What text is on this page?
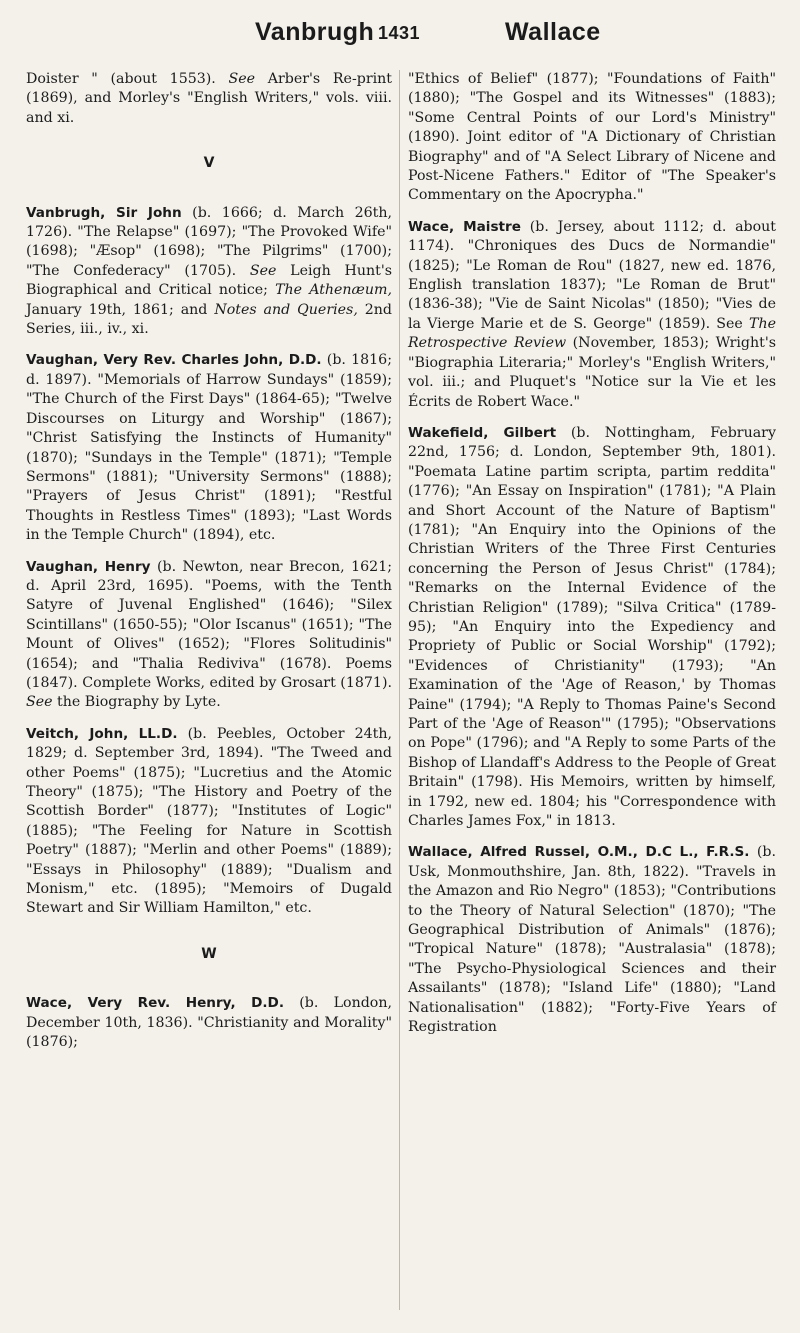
Vanbrugh 1431	Wallace

Doister " (about 1553). See Arber's Re-print (1869), and Morley's "English Writers," vols. viii. and xi.

V

Vanbrugh, Sir John (b. 1666; d. March 26th, 1726). "The Relapse" (1697); "The Provoked Wife" (1698); "Æsop" (1698); "The Pilgrims" (1700); "The Confederacy" (1705). See Leigh Hunt's Biographical and Critical notice; The Athenæum, January 19th, 1861; and Notes and Queries, 2nd Series, iii., iv., xi.

Vaughan, Very Rev. Charles John, D.D. (b. 1816; d. 1897). "Memorials of Harrow Sundays" (1859); "The Church of the First Days" (1864-65); "Twelve Discourses on Liturgy and Worship" (1867); "Christ Satisfying the Instincts of Humanity" (1870); "Sundays in the Temple" (1871); "Temple Sermons" (1881); "University Sermons" (1888); "Prayers of Jesus Christ" (1891); "Restful Thoughts in Restless Times" (1893); "Last Words in the Temple Church" (1894), etc.

Vaughan, Henry (b. Newton, near Brecon, 1621; d. April 23rd, 1695). "Poems, with the Tenth Satyre of Juvenal Englished" (1646); "Silex Scintillans" (1650-55); "Olor Iscanus" (1651); "The Mount of Olives" (1652); "Flores Solitudinis" (1654); and "Thalia Rediviva" (1678). Poems (1847). Complete Works, edited by Grosart (1871). See the Biography by Lyte.

Veitch, John, LL.D. (b. Peebles, October 24th, 1829; d. September 3rd, 1894). "The Tweed and other Poems" (1875); "Lucretius and the Atomic Theory" (1875); "The History and Poetry of the Scottish Border" (1877); "Institutes of Logic" (1885); "The Feeling for Nature in Scottish Poetry" (1887); "Merlin and other Poems" (1889); "Essays in Philosophy" (1889); "Dualism and Monism," etc. (1895); "Memoirs of Dugald Stewart and Sir William Hamilton," etc.

W

Wace, Very Rev. Henry, D.D. (b. London, December 10th, 1836). "Christianity and Morality" (1876);

"Ethics of Belief" (1877); "Foundations of Faith" (1880); "The Gospel and its Witnesses" (1883); "Some Central Points of our Lord's Ministry" (1890). Joint editor of "A Dictionary of Christian Biography" and of "A Select Library of Nicene and Post-Nicene Fathers." Editor of "The Speaker's Commentary on the Apocrypha."

Wace, Maistre (b. Jersey, about 1112; d. about 1174). "Chroniques des Ducs de Normandie" (1825); "Le Roman de Rou" (1827, new ed. 1876, English translation 1837); "Le Roman de Brut" (1836-38); "Vie de Saint Nicolas" (1850); "Vies de la Vierge Marie et de S. George" (1859). See The Retrospective Review (November, 1853); Wright's "Biographia Literaria;" Morley's "English Writers," vol. iii.; and Pluquet's "Notice sur la Vie et les Écrits de Robert Wace."

Wakefield, Gilbert (b. Nottingham, February 22nd, 1756; d. London, September 9th, 1801). "Poemata Latine partim scripta, partim reddita" (1776); "An Essay on Inspiration" (1781); "A Plain and Short Account of the Nature of Baptism" (1781); "An Enquiry into the Opinions of the Christian Writers of the Three First Centuries concerning the Person of Jesus Christ" (1784); "Remarks on the Internal Evidence of the Christian Religion" (1789); "Silva Critica" (1789-95); "An Enquiry into the Expediency and Propriety of Public or Social Worship" (1792); "Evidences of Christianity" (1793); "An Examination of the 'Age of Reason,' by Thomas Paine" (1794); "A Reply to Thomas Paine's Second Part of the 'Age of Reason'" (1795); "Observations on Pope" (1796); and "A Reply to some Parts of the Bishop of Llandaff's Address to the People of Great Britain" (1798). His Memoirs, written by himself, in 1792, new ed. 1804; his "Correspondence with Charles James Fox," in 1813.

Wallace, Alfred Russel, O.M., D.C L., F.R.S. (b. Usk, Monmouthshire, Jan. 8th, 1822). "Travels in the Amazon and Rio Negro" (1853); "Contributions to the Theory of Natural Selection" (1870); "The Geographical Distribution of Animals" (1876); "Tropical Nature" (1878); "Australasia" (1878); "The Psycho-Physiological Sciences and their Assailants" (1878); "Island Life" (1880); "Land Nationalisation" (1882); "Forty-Five Years of Registration
